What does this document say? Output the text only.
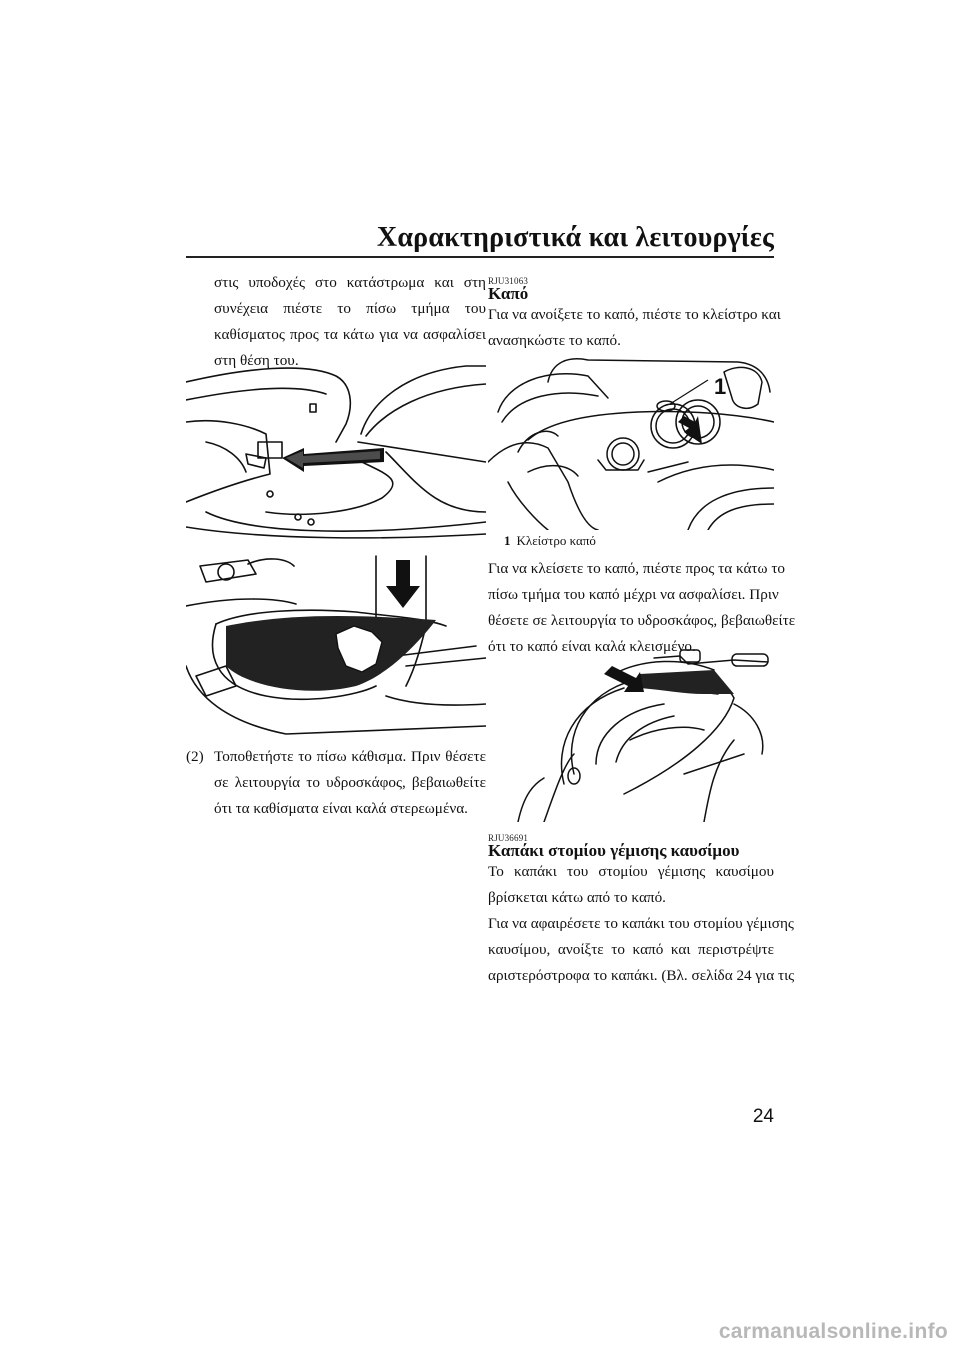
Χαρακτηριστικά και λειτουργίες
στις υποδοχές στο κατάστρωμα και στη
συνέχεια πιέστε το πίσω τμήμα του
καθίσματος προς τα κάτω για να ασφαλίσει
στη θέση του.
(2) Τοποθετήστε το πίσω κάθισμα. Πριν θέσετε
σε λειτουργία το υδροσκάφος, βεβαιωθείτε
ότι τα καθίσματα είναι καλά στερεωμένα.
RJU31063
Καπό
Για να ανοίξετε το καπό, πιέστε το κλείστρο και
ανασηκώστε το καπό.
1
1 Κλείστρο καπό
Για να κλείσετε το καπό, πιέστε προς τα κάτω το
πίσω τμήμα του καπό μέχρι να ασφαλίσει. Πριν
θέσετε σε λειτουργία το υδροσκάφος, βεβαιωθείτε
ότι το καπό είναι καλά κλεισμένο.
RJU36691
Καπάκι στομίου γέμισης καυσίμου
Το καπάκι του στομίου γέμισης καυσίμου
βρίσκεται κάτω από το καπό.
Για να αφαιρέσετε το καπάκι του στομίου γέμισης
καυσίμου, ανοίξτε το καπό και περιστρέψτε
αριστερόστροφα το καπάκι. (Βλ. σελίδα 24 για τις
24
carmanualsonline.info
